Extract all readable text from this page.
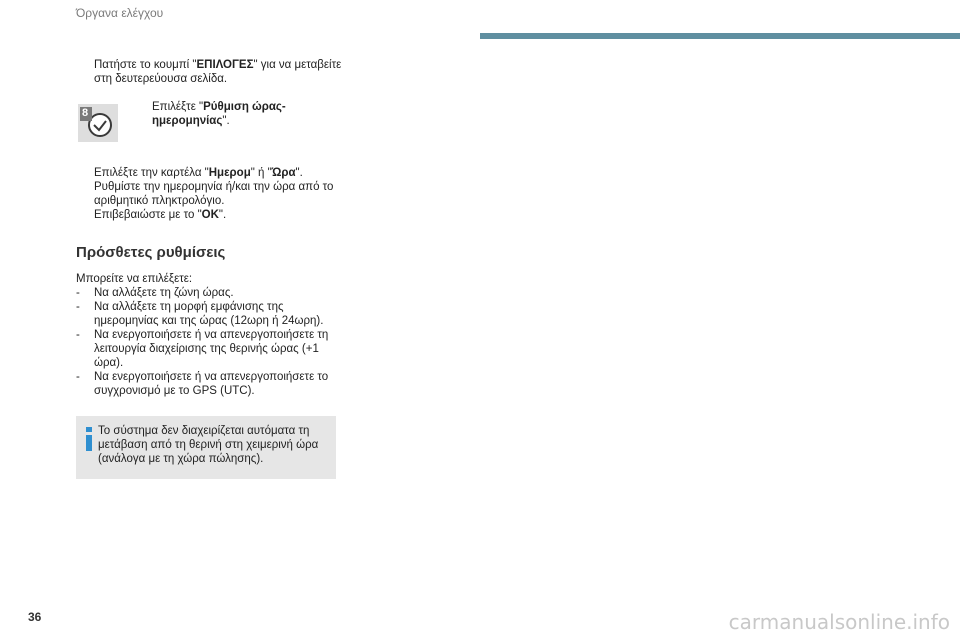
Όργανα ελέγχου
Πατήστε το κουμπί "ΕΠΙΛΟΓΕΣ" για να μεταβείτε στη δευτερεύουσα σελίδα.
8	Επιλέξτε "Ρύθμιση ώρας- ημερομηνίας".
Επιλέξτε την καρτέλα "Ημερομ" ή "Ώρα".
Ρυθμίστε την ημερομηνία ή/και την ώρα από το αριθμητικό πληκτρολόγιο.
Επιβεβαιώστε με το "OK".
Πρόσθετες ρυθμίσεις
Μπορείτε να επιλέξετε:
-	Να αλλάξετε τη ζώνη ώρας.
-	Να αλλάξετε τη μορφή εμφάνισης της ημερομηνίας και της ώρας (12ωρη ή 24ωρη).
-	Να ενεργοποιήσετε ή να απενεργοποιήσετε τη λειτουργία διαχείρισης της θερινής ώρας (+1 ώρα).
-	Να ενεργοποιήσετε ή να απενεργοποιήσετε το συγχρονισμό με το GPS (UTC).
Το σύστημα δεν διαχειρίζεται αυτόματα τη μετάβαση από τη θερινή στη χειμερινή ώρα (ανάλογα με τη χώρα πώλησης).
36	carmanualsonline.info
